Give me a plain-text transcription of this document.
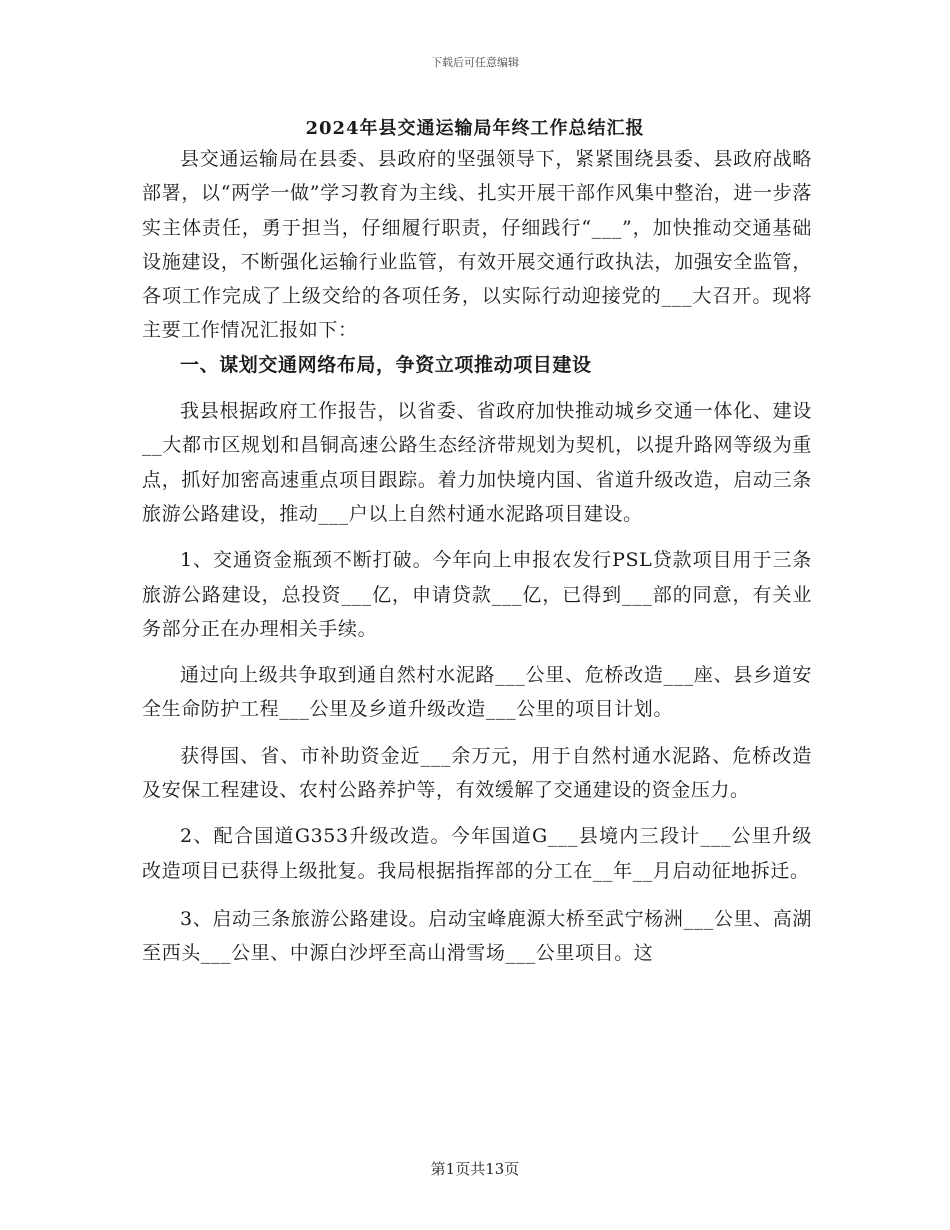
下载后可任意编辑
2024年县交通运输局年终工作总结汇报

县交通运输局在县委、县政府的坚强领导下，紧紧围绕县委、县政府战略部署，以“两学一做”学习教育为主线、扎实开展干部作风集中整治，进一步落实主体责任，勇于担当，仔细履行职责，仔细践行“___”，加快推动交通基础设施建设，不断强化运输行业监管，有效开展交通行政执法，加强安全监管，各项工作完成了上级交给的各项任务，以实际行动迎接党的___大召开。现将主要工作情况汇报如下：

一、谋划交通网络布局，争资立项推动项目建设

我县根据政府工作报告，以省委、省政府加快推动城乡交通一体化、建设__大都市区规划和昌铜高速公路生态经济带规划为契机，以提升路网等级为重点，抓好加密高速重点项目跟踪。着力加快境内国、省道升级改造，启动三条旅游公路建设，推动___户以上自然村通水泥路项目建设。

1、交通资金瓶颈不断打破。今年向上申报农发行PSL贷款项目用于三条旅游公路建设，总投资___亿，申请贷款___亿，已得到___部的同意，有关业务部分正在办理相关手续。

通过向上级共争取到通自然村水泥路___公里、危桥改造___座、县乡道安全生命防护工程___公里及乡道升级改造___公里的项目计划。

获得国、省、市补助资金近___余万元，用于自然村通水泥路、危桥改造及安保工程建设、农村公路养护等，有效缓解了交通建设的资金压力。

2、配合国道G353升级改造。今年国道G___县境内三段计___公里升级改造项目已获得上级批复。我局根据指挥部的分工在__年__月启动征地拆迁。

3、启动三条旅游公路建设。启动宝峰鹿源大桥至武宁杨洲___公里、高湖至西头___公里、中源白沙坪至高山滑雪场___公里项目。这

第1页共13页
